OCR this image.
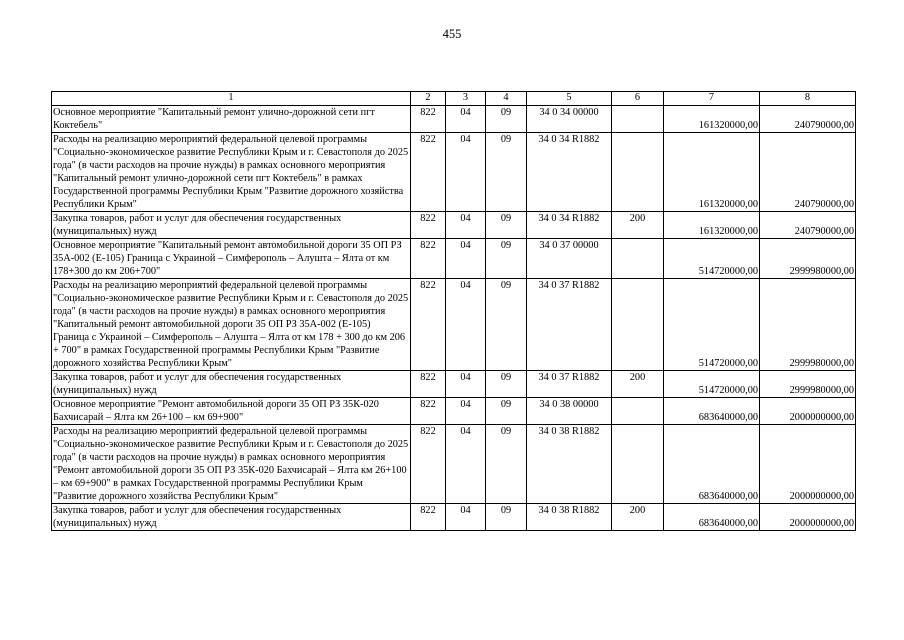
455
1	2	3	4	5	6	7	8
Основное мероприятие "Капитальный ремонт улично-дорожной сети пгт Коктебель"	822	04	09	34 0 34 00000		161320000,00	240790000,00
Расходы на реализацию мероприятий федеральной целевой программы "Социально-экономическое развитие Республики Крым и г. Севастополя до 2025 года" (в части расходов на прочие нужды) в рамках основного мероприятия "Капитальный ремонт улично-дорожной сети пгт Коктебель" в рамках Государственной программы Республики Крым "Развитие дорожного хозяйства Республики Крым"	822	04	09	34 0 34 R1882		161320000,00	240790000,00
Закупка товаров, работ и услуг для обеспечения государственных (муниципальных) нужд	822	04	09	34 0 34 R1882	200	161320000,00	240790000,00
Основное мероприятие "Капитальный ремонт автомобильной дороги 35 ОП РЗ 35А-002 (Е-105) Граница с Украиной – Симферополь – Алушта – Ялта от км 178+300 до км 206+700"	822	04	09	34 0 37 00000		514720000,00	2999980000,00
Расходы на реализацию мероприятий федеральной целевой программы "Социально-экономическое развитие Республики Крым и г. Севастополя до 2025 года" (в части расходов на прочие нужды) в рамках основного мероприятия "Капитальный ремонт автомобильной дороги 35 ОП РЗ 35А-002 (Е-105) Граница с Украиной – Симферополь – Алушта – Ялта от км 178 + 300 до км 206 + 700" в рамках Государственной программы Республики Крым "Развитие дорожного хозяйства Республики Крым"	822	04	09	34 0 37 R1882		514720000,00	2999980000,00
Закупка товаров, работ и услуг для обеспечения государственных (муниципальных) нужд	822	04	09	34 0 37 R1882	200	514720000,00	2999980000,00
Основное мероприятие "Ремонт автомобильной дороги 35 ОП РЗ 35К-020 Бахчисарай – Ялта км 26+100 – км 69+900"	822	04	09	34 0 38 00000		683640000,00	2000000000,00
Расходы на реализацию мероприятий федеральной целевой программы "Социально-экономическое развитие Республики Крым и г. Севастополя до 2025 года" (в части расходов на прочие нужды) в рамках основного мероприятия "Ремонт автомобильной дороги 35 ОП РЗ 35К-020 Бахчисарай – Ялта км 26+100 – км 69+900" в рамках Государственной программы Республики Крым "Развитие дорожного хозяйства Республики Крым"	822	04	09	34 0 38 R1882		683640000,00	2000000000,00
Закупка товаров, работ и услуг для обеспечения государственных (муниципальных) нужд	822	04	09	34 0 38 R1882	200	683640000,00	2000000000,00
